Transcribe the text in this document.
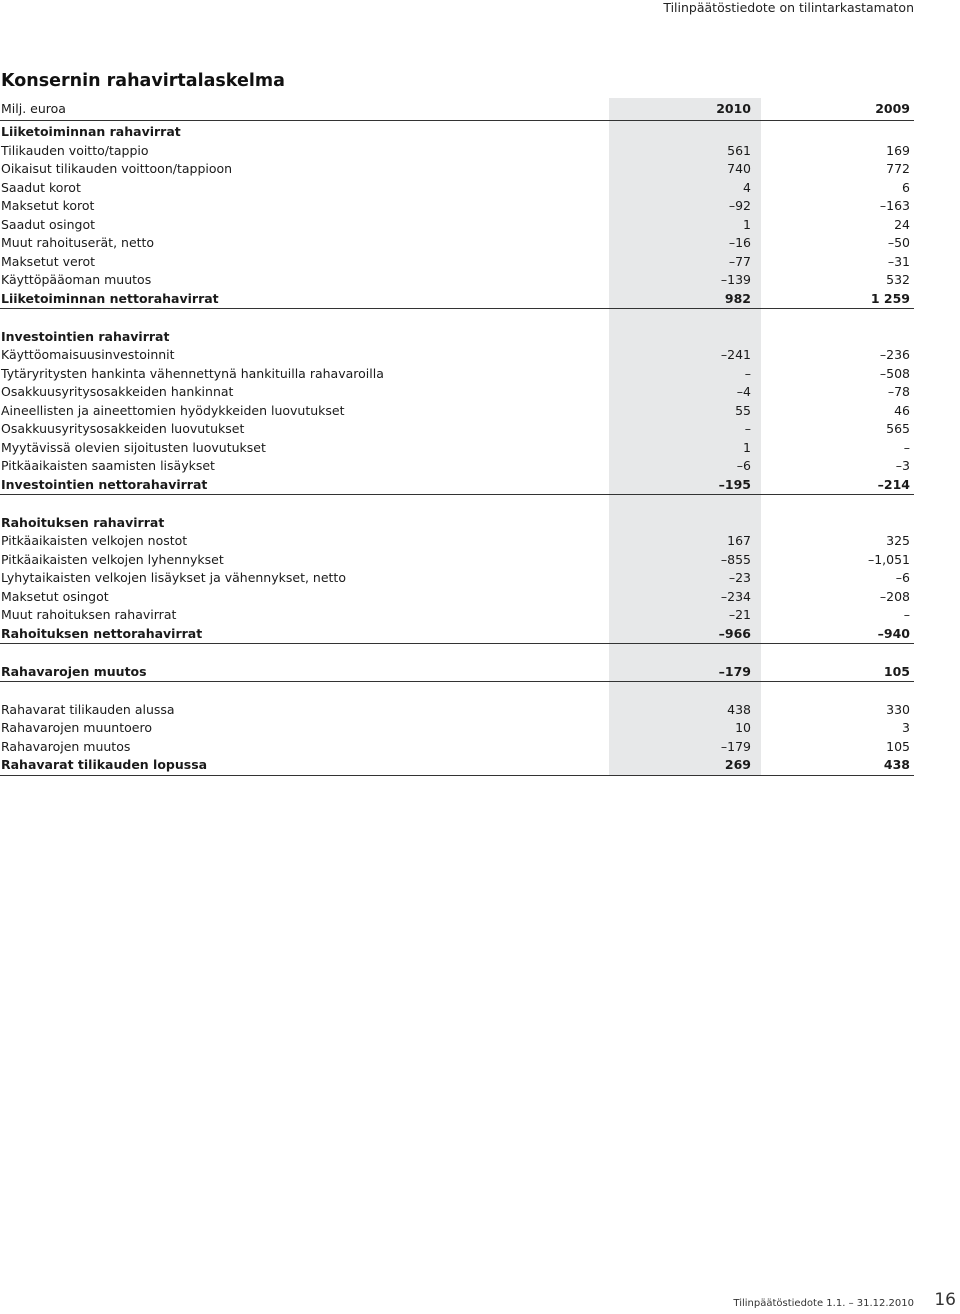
Tilinpäätöstiedote on tilintarkastamaton
Konsernin rahavirtalaskelma
Milj. euroa	2010	2009
Liiketoiminnan rahavirrat
Tilikauden voitto/tappio	561	169
Oikaisut tilikauden voittoon/tappioon	740	772
Saadut korot	4	6
Maksetut korot	–92	–163
Saadut osingot	1	24
Muut rahoituserät, netto	–16	–50
Maksetut verot	–77	–31
Käyttöpääoman muutos	–139	532
Liiketoiminnan nettorahavirrat	982	1 259
Investointien rahavirrat
Käyttöomaisuusinvestoinnit	–241	–236
Tytäryritysten hankinta vähennettynä hankituilla rahavaroilla	–	–508
Osakkuusyritysosakkeiden hankinnat	–4	–78
Aineellisten ja aineettomien hyödykkeiden luovutukset	55	46
Osakkuusyritysosakkeiden luovutukset	–	565
Myytävissä olevien sijoitusten luovutukset	1	–
Pitkäaikaisten saamisten lisäykset	–6	–3
Investointien nettorahavirrat	–195	–214
Rahoituksen rahavirrat
Pitkäaikaisten velkojen nostot	167	325
Pitkäaikaisten velkojen lyhennykset	–855	–1,051
Lyhytaikaisten velkojen lisäykset ja vähennykset, netto	–23	–6
Maksetut osingot	–234	–208
Muut rahoituksen rahavirrat	–21	–
Rahoituksen nettorahavirrat	–966	–940
Rahavarojen muutos	–179	105
Rahavarat tilikauden alussa	438	330
Rahavarojen muuntoero	10	3
Rahavarojen muutos	–179	105
Rahavarat tilikauden lopussa	269	438
Tilinpäätöstiedote 1.1. – 31.12.2010 16
